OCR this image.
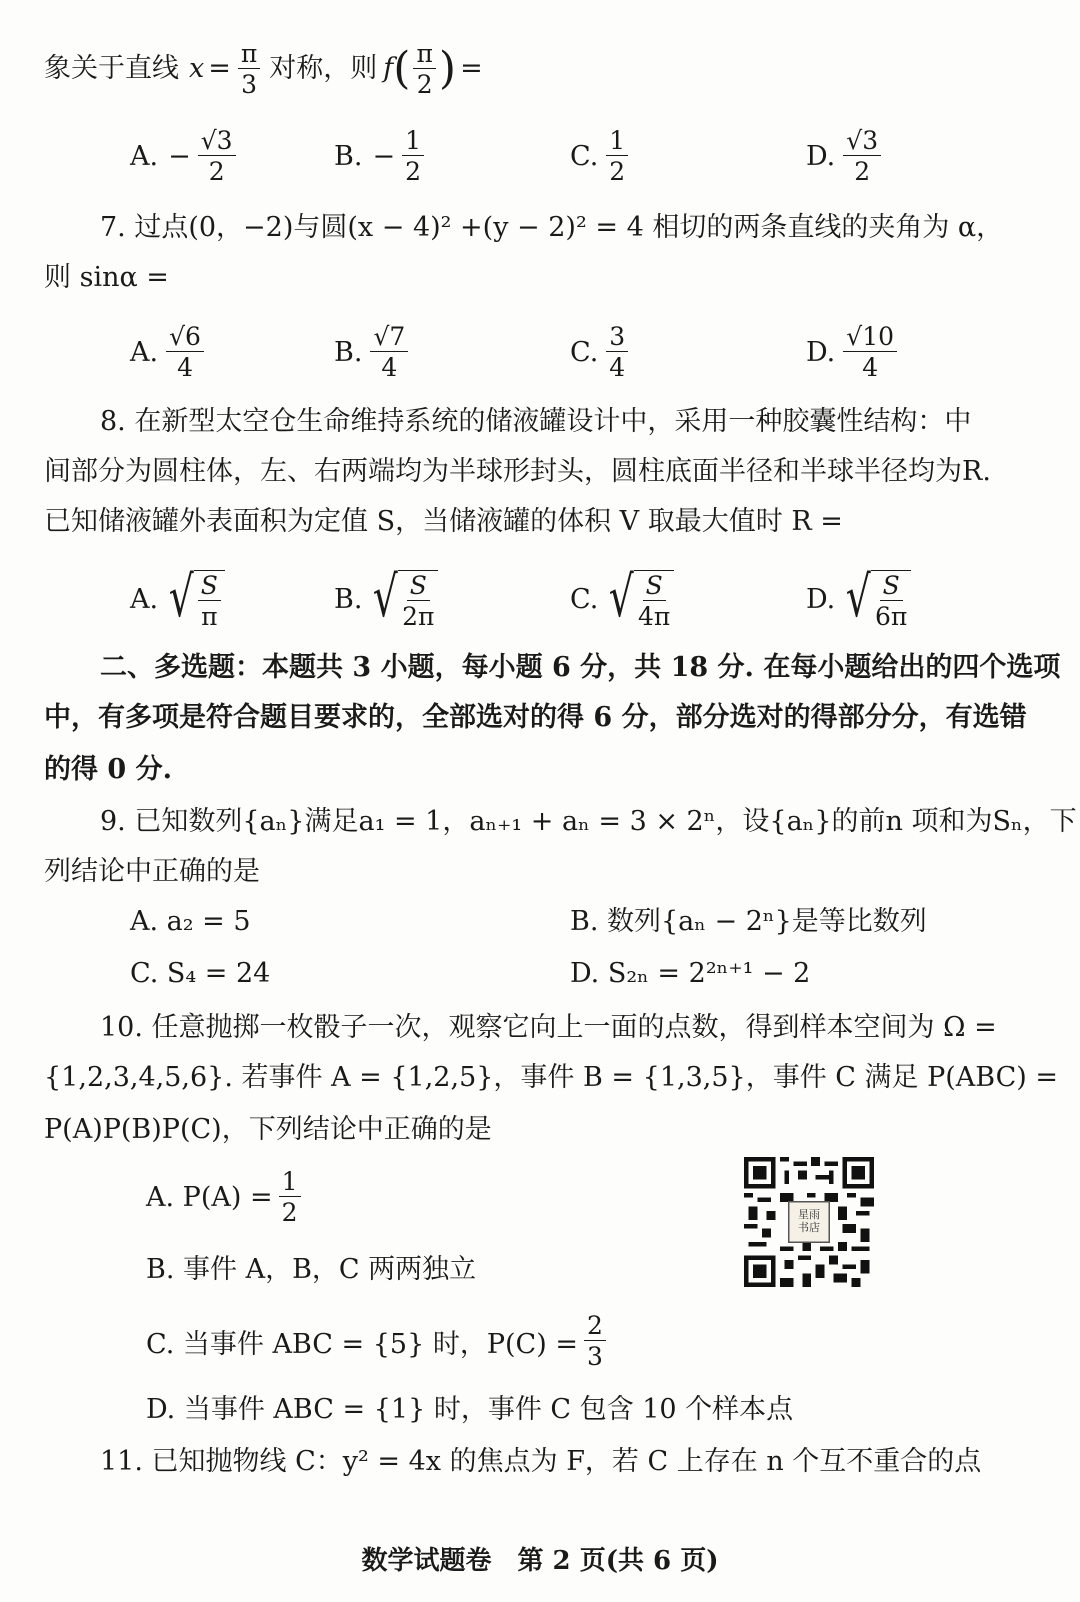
象关于直线 $x = \frac{\pi}{3}$ 对称，则 f ( $\frac{\pi}{2}$ ) =
A. − $\frac{√3}{2}$	B. − $\frac{1}{2}$	C. $\frac{1}{2}$	D. $\frac{√3}{2}$
7. 过点(0，−2)与圆(x − 4)² +(y − 2)² = 4 相切的两条直线的夹角为 α，
则 sinα =
A. $\frac{√6}{4}$	B. $\frac{√7}{4}$	C. $\frac{3}{4}$	D. $\frac{√10}{4}$
8. 在新型太空仓生命维持系统的储液罐设计中，采用一种胶囊性结构：中
间部分为圆柱体，左、右两端均为半球形封头，圆柱底面半径和半球半径均为R.
已知储液罐外表面积为定值 S，当储液罐的体积 V 取最大值时 R =
A. √ $\frac{S}{\pi}$	B. √ $\frac{S}{2\pi}$	C. √ $\frac{S}{4\pi}$	D. √ $\frac{S}{6\pi}$
二、多选题：本题共 3 小题，每小题 6 分，共 18 分. 在每小题给出的四个选项
中，有多项是符合题目要求的，全部选对的得 6 分，部分选对的得部分分，有选错
的得 0 分.
9. 已知数列{aₙ}满足a₁ = 1，aₙ₊₁ + aₙ = 3 × 2ⁿ，设{aₙ}的前n 项和为Sₙ，下
列结论中正确的是
A. a₂ = 5	B. 数列{aₙ − 2ⁿ}是等比数列
C. S₄ = 24	D. S₂ₙ = 2²ⁿ⁺¹ − 2
10. 任意抛掷一枚骰子一次，观察它向上一面的点数，得到样本空间为 Ω =
{1,2,3,4,5,6}. 若事件 A = {1,2,5}，事件 B = {1,3,5}，事件 C 满足 P(ABC) =
P(A)P(B)P(C)，下列结论中正确的是
A. $P(A) = \frac{1}{2}$
B. 事件 A，B，C 两两独立
C. 当事件 ABC = {5} 时，$P(C) = \frac{2}{3}$
D. 当事件 ABC = {1} 时，事件 C 包含 10 个样本点
11. 已知抛物线 C：y² = 4x 的焦点为 F，若 C 上存在 n 个互不重合的点
星雨书店
数学试题卷　第 2 页(共 6 页)
